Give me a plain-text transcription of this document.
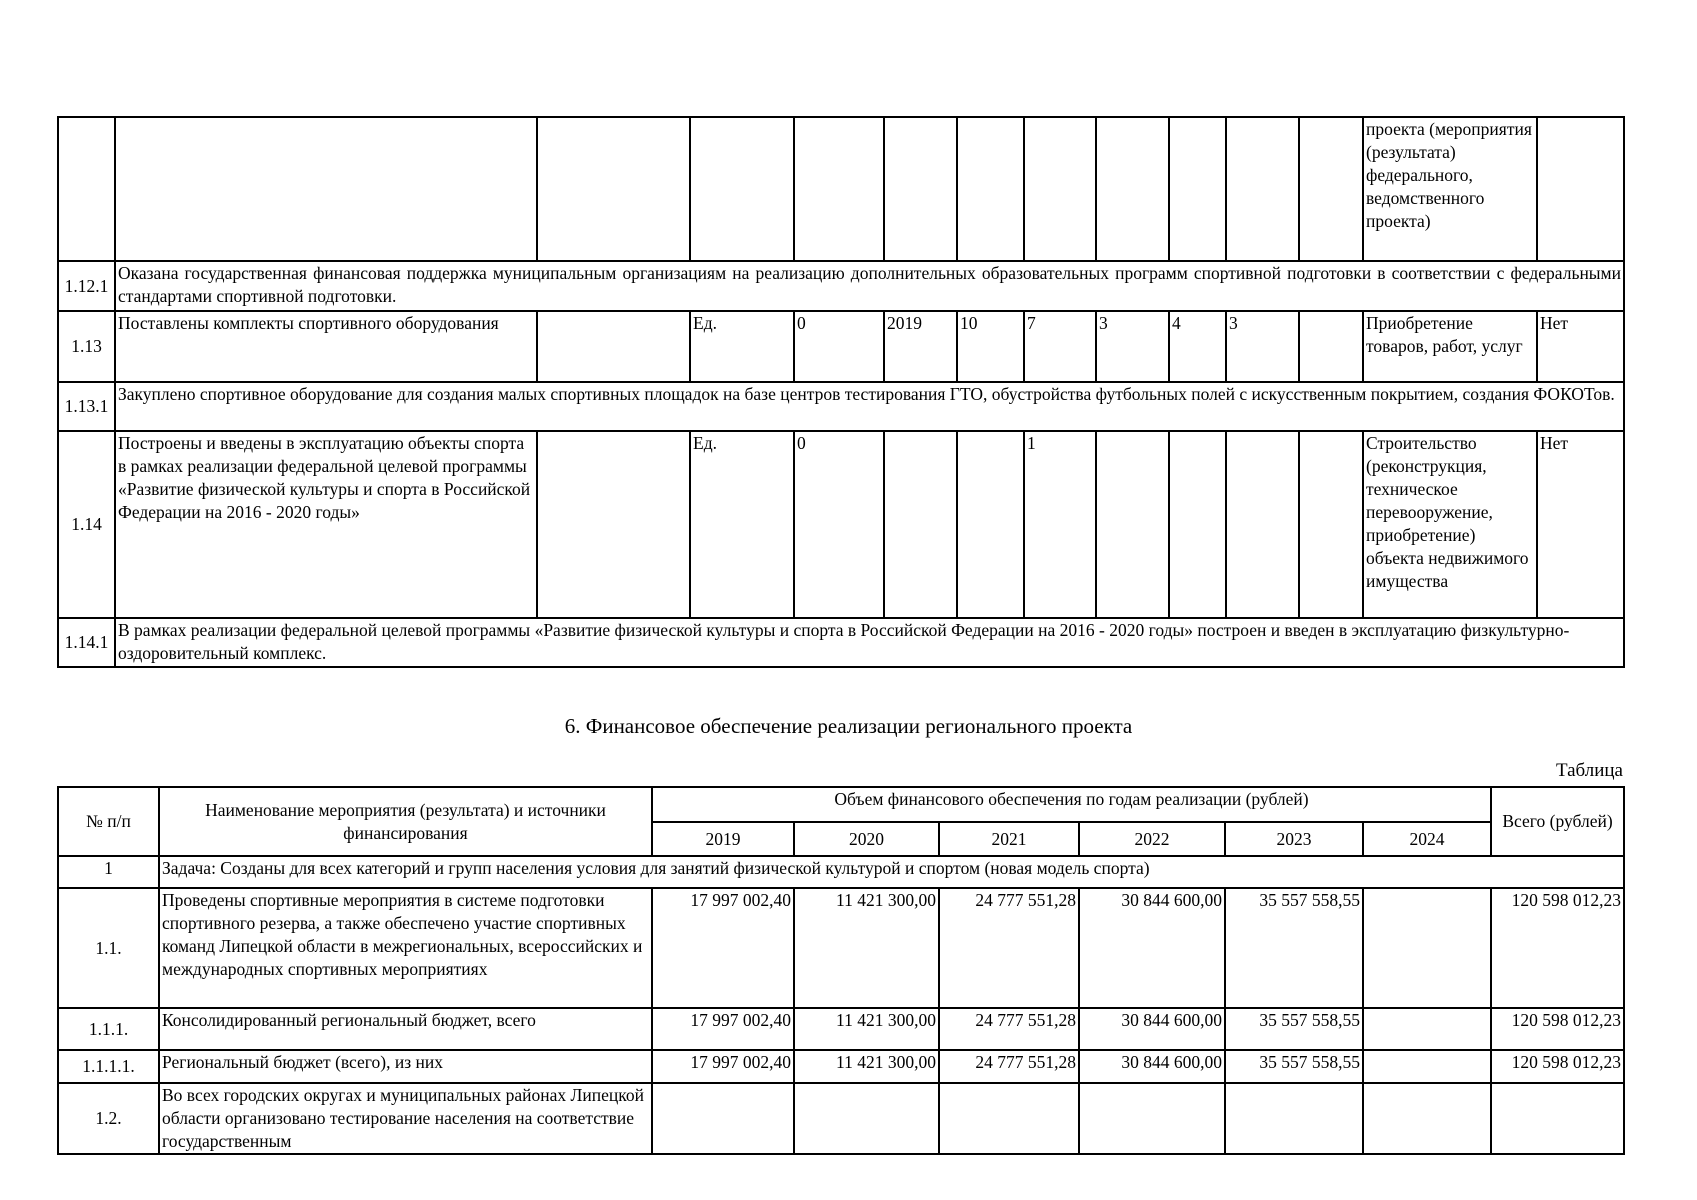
												проекта (мероприятия (результата) федерального, ведомственного проекта)	
1.12.1	Оказана государственная финансовая поддержка муниципальным организациям на реализацию дополнительных образовательных программ спортивной подготовки в соответствии с федеральными стандартами спортивной подготовки.												
1.13	Поставлены комплекты спортивного оборудования		Ед.	0	2019	10	7	3	4	3		Приобретение товаров, работ, услуг	Нет
1.13.1	Закуплено спортивное оборудование для создания малых спортивных площадок на базе центров тестирования ГТО, обустройства футбольных полей с искусственным покрытием, создания ФОКОТов.												
1.14	Построены и введены в эксплуатацию объекты спорта в рамках реализации федеральной целевой программы «Развитие физической культуры и спорта в Российской Федерации на 2016 - 2020 годы»		Ед.	0			1					Строительство (реконструкция, техническое перевооружение, приобретение) объекта недвижимого имущества	Нет
1.14.1	В рамках реализации федеральной целевой программы «Развитие физической культуры и спорта в Российской Федерации на 2016 - 2020 годы» построен и введен в эксплуатацию физкультурно-оздоровительный комплекс.												
6. Финансовое обеспечение реализации регионального проекта
Таблица
№ п/п	Наименование мероприятия (результата) и источники финансирования	Объем финансового обеспечения по годам реализации (рублей)						Всего (рублей)
		2019	2020	2021	2022	2023	2024	
1	Задача: Созданы для всех категорий и групп населения условия для занятий физической культурой и спортом (новая модель спорта)							
1.1.	Проведены спортивные мероприятия в системе подготовки спортивного резерва, а также обеспечено участие спортивных команд Липецкой области в межрегиональных, всероссийских и международных спортивных мероприятиях	17 997 002,40	11 421 300,00	24 777 551,28	30 844 600,00	35 557 558,55		120 598 012,23
1.1.1.	Консолидированный региональный бюджет, всего	17 997 002,40	11 421 300,00	24 777 551,28	30 844 600,00	35 557 558,55		120 598 012,23
1.1.1.1.	Региональный бюджет (всего), из них	17 997 002,40	11 421 300,00	24 777 551,28	30 844 600,00	35 557 558,55		120 598 012,23
1.2.	Во всех городских округах и муниципальных районах Липецкой области организовано тестирование населения на соответствие государственным							
